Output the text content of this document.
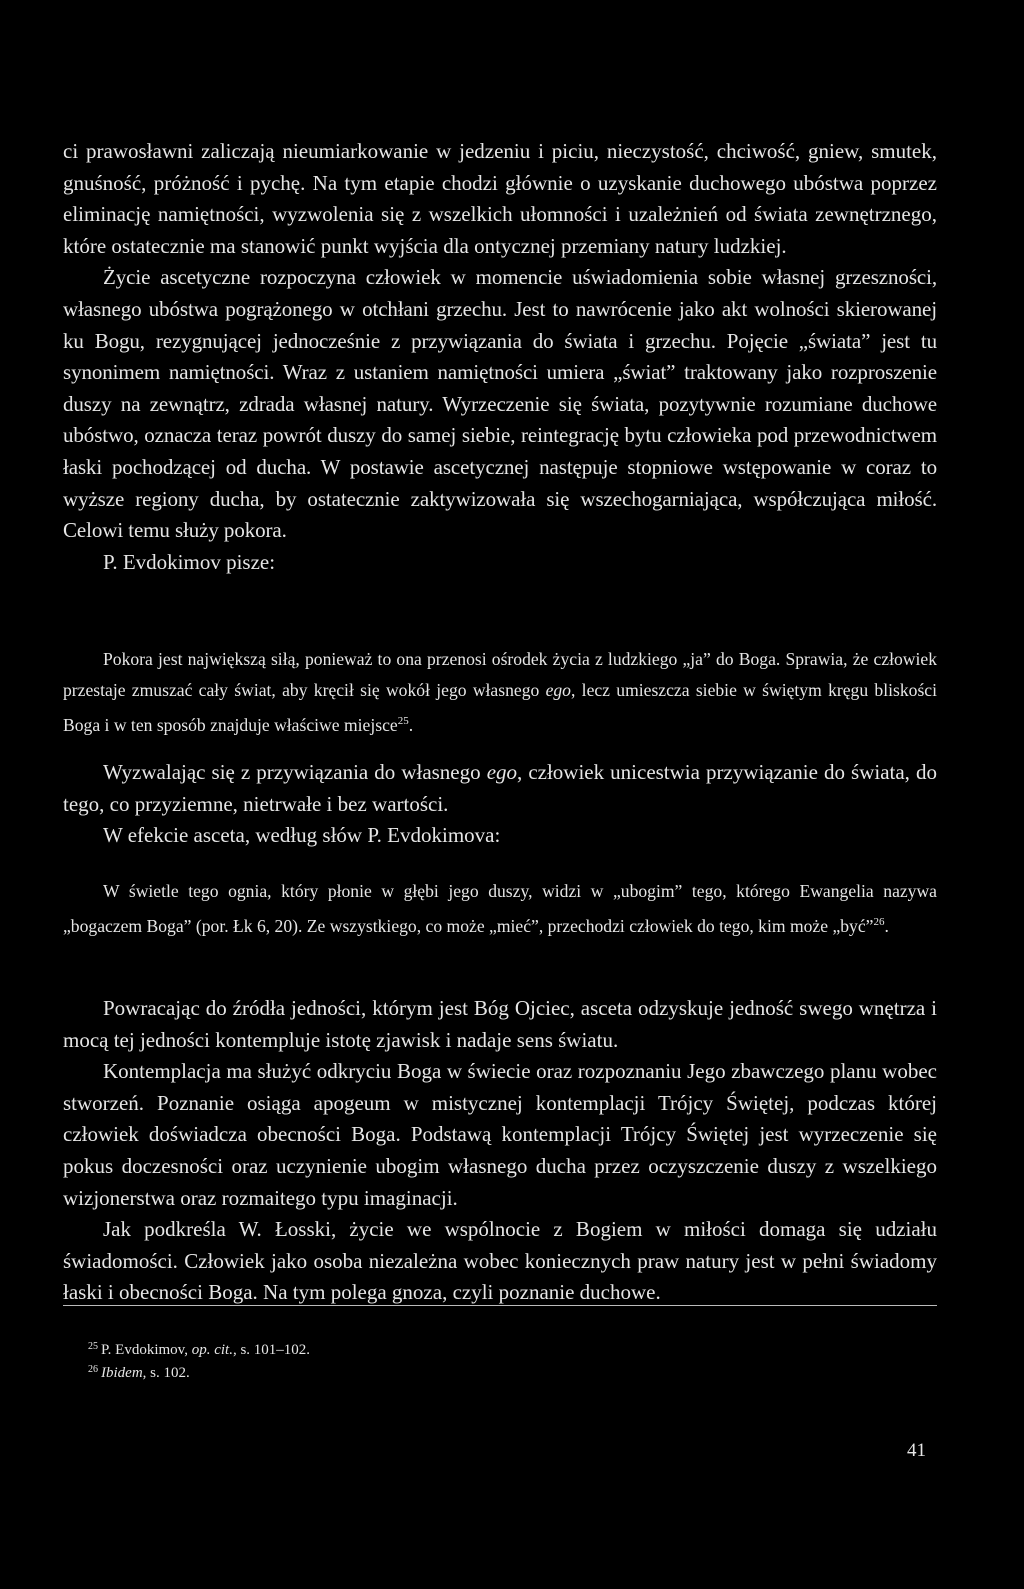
ci prawosławni zaliczają nieumiarkowanie w jedzeniu i piciu, nieczystość, chciwość, gniew, smutek, gnuśność, próżność i pychę. Na tym etapie chodzi głównie o uzyskanie duchowego ubóstwa poprzez eliminację namiętności, wyzwolenia się z wszelkich ułomności i uzależnień od świata zewnętrznego, które ostatecznie ma stanowić punkt wyjścia dla ontycznej przemiany natury ludzkiej.

Życie ascetyczne rozpoczyna człowiek w momencie uświadomienia sobie własnej grzeszności, własnego ubóstwa pogrążonego w otchłani grzechu. Jest to nawrócenie jako akt wolności skierowanej ku Bogu, rezygnującej jednocześnie z przywiązania do świata i grzechu. Pojęcie „świata” jest tu synonimem namiętności. Wraz z ustaniem namiętności umiera „świat” traktowany jako rozproszenie duszy na zewnątrz, zdrada własnej natury. Wyrzeczenie się świata, pozytywnie rozumiane duchowe ubóstwo, oznacza teraz powrót duszy do samej siebie, reintegrację bytu człowieka pod przewodnictwem łaski pochodzącej od ducha. W postawie ascetycznej następuje stopniowe wstępowanie w coraz to wyższe regiony ducha, by ostatecznie zaktywizowała się wszechogarniająca, współczująca miłość. Celowi temu służy pokora.

P. Evdokimov pisze:

Pokora jest największą siłą, ponieważ to ona przenosi ośrodek życia z ludzkiego „ja” do Boga. Sprawia, że człowiek przestaje zmuszać cały świat, aby kręcił się wokół jego własnego ego, lecz umieszcza siebie w świętym kręgu bliskości Boga i w ten sposób znajduje właściwe miejsce$^{25}$.

Wyzwalając się z przywiązania do własnego ego, człowiek unicestwia przywiązanie do świata, do tego, co przyziemne, nietrwałe i bez wartości.

W efekcie asceta, według słów P. Evdokimova:

W świetle tego ognia, który płonie w głębi jego duszy, widzi w „ubogim” tego, którego Ewangelia nazywa „bogaczem Boga” (por. Łk 6, 20). Ze wszystkiego, co może „mieć”, przechodzi człowiek do tego, kim może „być”$^{26}$.

Powracając do źródła jedności, którym jest Bóg Ojciec, asceta odzyskuje jedność swego wnętrza i mocą tej jedności kontempluje istotę zjawisk i nadaje sens światu.

Kontemplacja ma służyć odkryciu Boga w świecie oraz rozpoznaniu Jego zbawczego planu wobec stworzeń. Poznanie osiąga apogeum w mistycznej kontemplacji Trójcy Świętej, podczas której człowiek doświadcza obecności Boga. Podstawą kontemplacji Trójcy Świętej jest wyrzeczenie się pokus doczesności oraz uczynienie ubogim własnego ducha przez oczyszczenie duszy z wszelkiego wizjonerstwa oraz rozmaitego typu imaginacji.

Jak podkreśla W. Łosski, życie we wspólnocie z Bogiem w miłości domaga się udziału świadomości. Człowiek jako osoba niezależna wobec koniecznych praw natury jest w pełni świadomy łaski i obecności Boga. Na tym polega gnoza, czyli poznanie duchowe.

$^{25}$ P. Evdokimov, op. cit., s. 101–102.
$^{26}$ Ibidem, s. 102.
41
